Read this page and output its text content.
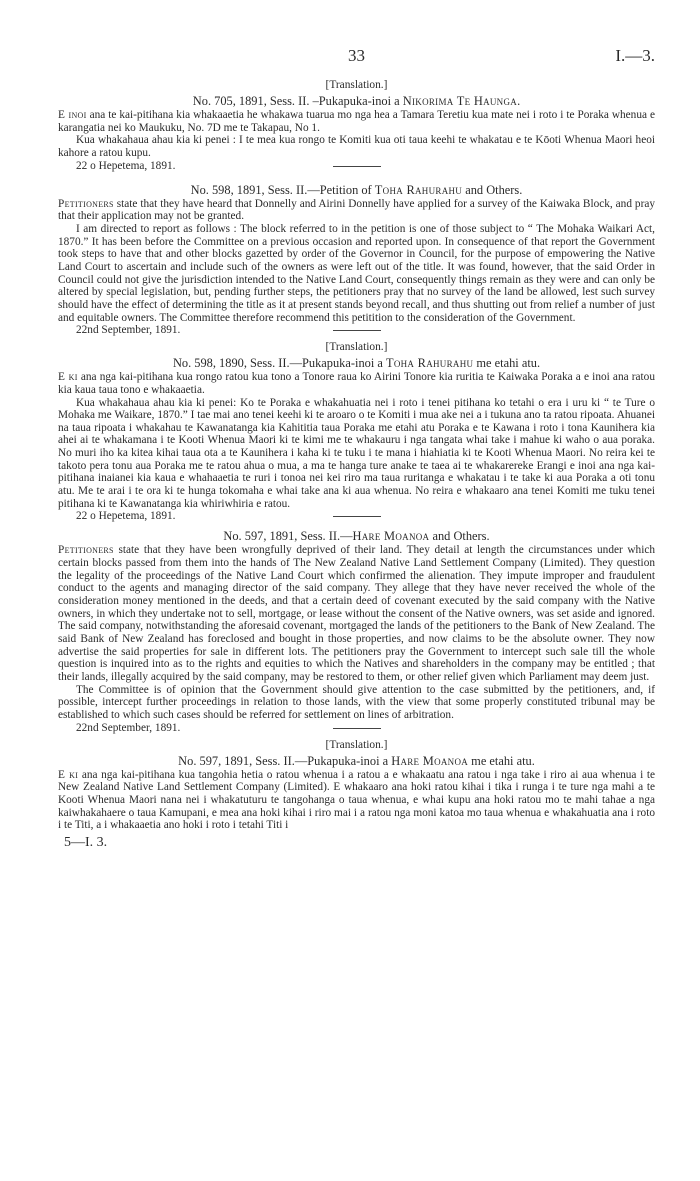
33	I.—3.
[Translation.]
No. 705, 1891, Sess. II. –Pukapuka-inoi a Nikorima Te Haunga.

E inoi ana te kai-pitihana kia whakaaetia he whakawa tuarua mo nga hea a Tamara Teretiu kua mate nei i roto i te Poraka whenua e karangatia nei ko Maukuku, No. 7D me te Takapau, No 1.

Kua whakahaua ahau kia ki penei : I te mea kua rongo te Komiti kua oti taua keehi te whakatau e te Kōoti Whenua Maori heoi kahore a ratou kupu.

22 o Hepetema, 1891.
No. 598, 1891, Sess. II.—Petition of Toha Rahurahu and Others.

Petitioners state that they have heard that Donnelly and Airini Donnelly have applied for a survey of the Kaiwaka Block, and pray that their application may not be granted.

I am directed to report as follows : The block referred to in the petition is one of those subject to “ The Mohaka Waikari Act, 1870.” It has been before the Committee on a previous occasion and reported upon. In consequence of that report the Government took steps to have that and other blocks gazetted by order of the Governor in Council, for the purpose of empowering the Native Land Court to ascertain and include such of the owners as were left out of the title. It was found, however, that the said Order in Council could not give the jurisdiction intended to the Native Land Court, consequently things remain as they were and can only be altered by special legislation, but, pending further steps, the petitioners pray that no survey of the land be allowed, lest such survey should have the effect of determining the title as it at present stands beyond recall, and thus shutting out from relief a number of just and equitable owners. The Committee therefore recommend this petitition to the consideration of the Government.

22nd September, 1891.
[Translation.]
No. 598, 1890, Sess. II.—Pukapuka-inoi a Toha Rahurahu me etahi atu.

E ki ana nga kai-pitihana kua rongo ratou kua tono a Tonore raua ko Airini Tonore kia ruritia te Kaiwaka Poraka a e inoi ana ratou kia kaua taua tono e whakaaetia.

Kua whakahaua ahau kia ki penei: Ko te Poraka e whakahuatia nei i roto i tenei pitihana ko tetahi o era i uru ki “ te Ture o Mohaka me Waikare, 1870.” I tae mai ano tenei keehi ki te aroaro o te Komiti i mua ake nei a i tukuna ano ta ratou ripoata. Ahuanei na taua ripoata i whakahau te Kawanatanga kia Kahititia taua Poraka me etahi atu Poraka e te Kawana i roto i tona Kaunihera kia ahei ai te whakamana i te Kooti Whenua Maori ki te kimi me te whakauru i nga tangata whai take i mahue ki waho o aua poraka. No muri iho ka kitea kihai taua ota a te Kaunihera i kaha ki te tuku i te mana i hiahiatia ki te Kooti Whenua Maori. No reira kei te takoto pera tonu aua Poraka me te ratou ahua o mua, a ma te hanga ture anake te taea ai te whakarereke Erangi e inoi ana nga kai-pitihana inaianei kia kaua e whahaaetia te ruri i tonoa nei kei riro ma taua ruritanga e whakatau i te take ki aua Poraka a oti tonu atu. Me te arai i te ora ki te hunga tokomaha e whai take ana ki aua whenua. No reira e whakaaro ana tenei Komiti me tuku tenei pitihana ki te Kawanatanga kia whiriwhiria e ratou.

22 o Hepetema, 1891.
No. 597, 1891, Sess. II.—Hare Moanoa and Others.

Petitioners state that they have been wrongfully deprived of their land. They detail at length the circumstances under which certain blocks passed from them into the hands of The New Zealand Native Land Settlement Company (Limited). They question the legality of the proceedings of the Native Land Court which confirmed the alienation. They impute improper and fraudulent conduct to the agents and managing director of the said company. They allege that they have never received the whole of the consideration money mentioned in the deeds, and that a certain deed of covenant executed by the said company with the Native owners, in which they undertake not to sell, mortgage, or lease without the consent of the Native owners, was set aside and ignored. The said company, notwithstanding the aforesaid covenant, mortgaged the lands of the petitioners to the Bank of New Zealand. The said Bank of New Zealand has foreclosed and bought in those properties, and now claims to be the absolute owner. They now advertise the said properties for sale in different lots. The petitioners pray the Government to intercept such sale till the whole question is inquired into as to the rights and equities to which the Natives and shareholders in the company may be entitled ; that their lands, illegally acquired by the said company, may be restored to them, or other relief given which Parliament may deem just.

The Committee is of opinion that the Government should give attention to the case submitted by the petitioners, and, if possible, intercept further proceedings in relation to those lands, with the view that some properly constituted tribunal may be established to which such cases should be referred for settlement on lines of arbitration.

22nd September, 1891.
[Translation.]
No. 597, 1891, Sess. II.—Pukapuka-inoi a Hare Moanoa me etahi atu.

E ki ana nga kai-pitihana kua tangohia hetia o ratou whenua i a ratou a e whakaatu ana ratou i nga take i riro ai aua whenua i te New Zealand Native Land Settlement Company (Limited). E whakaaro ana hoki ratou kihai i tika i runga i te ture nga mahi a te Kooti Whenua Maori nana nei i whakatuturu te tangohanga o taua whenua, e whai kupu ana hoki ratou mo te mahi tahae a nga kaiwhakahaere o taua Kamupani, e mea ana hoki kihai i riro mai i a ratou nga moni katoa mo taua whenua e whakahuatia ana i roto i te Titi, a i whakaaetia ano hoki i roto i tetahi Titi i

5—I. 3.
